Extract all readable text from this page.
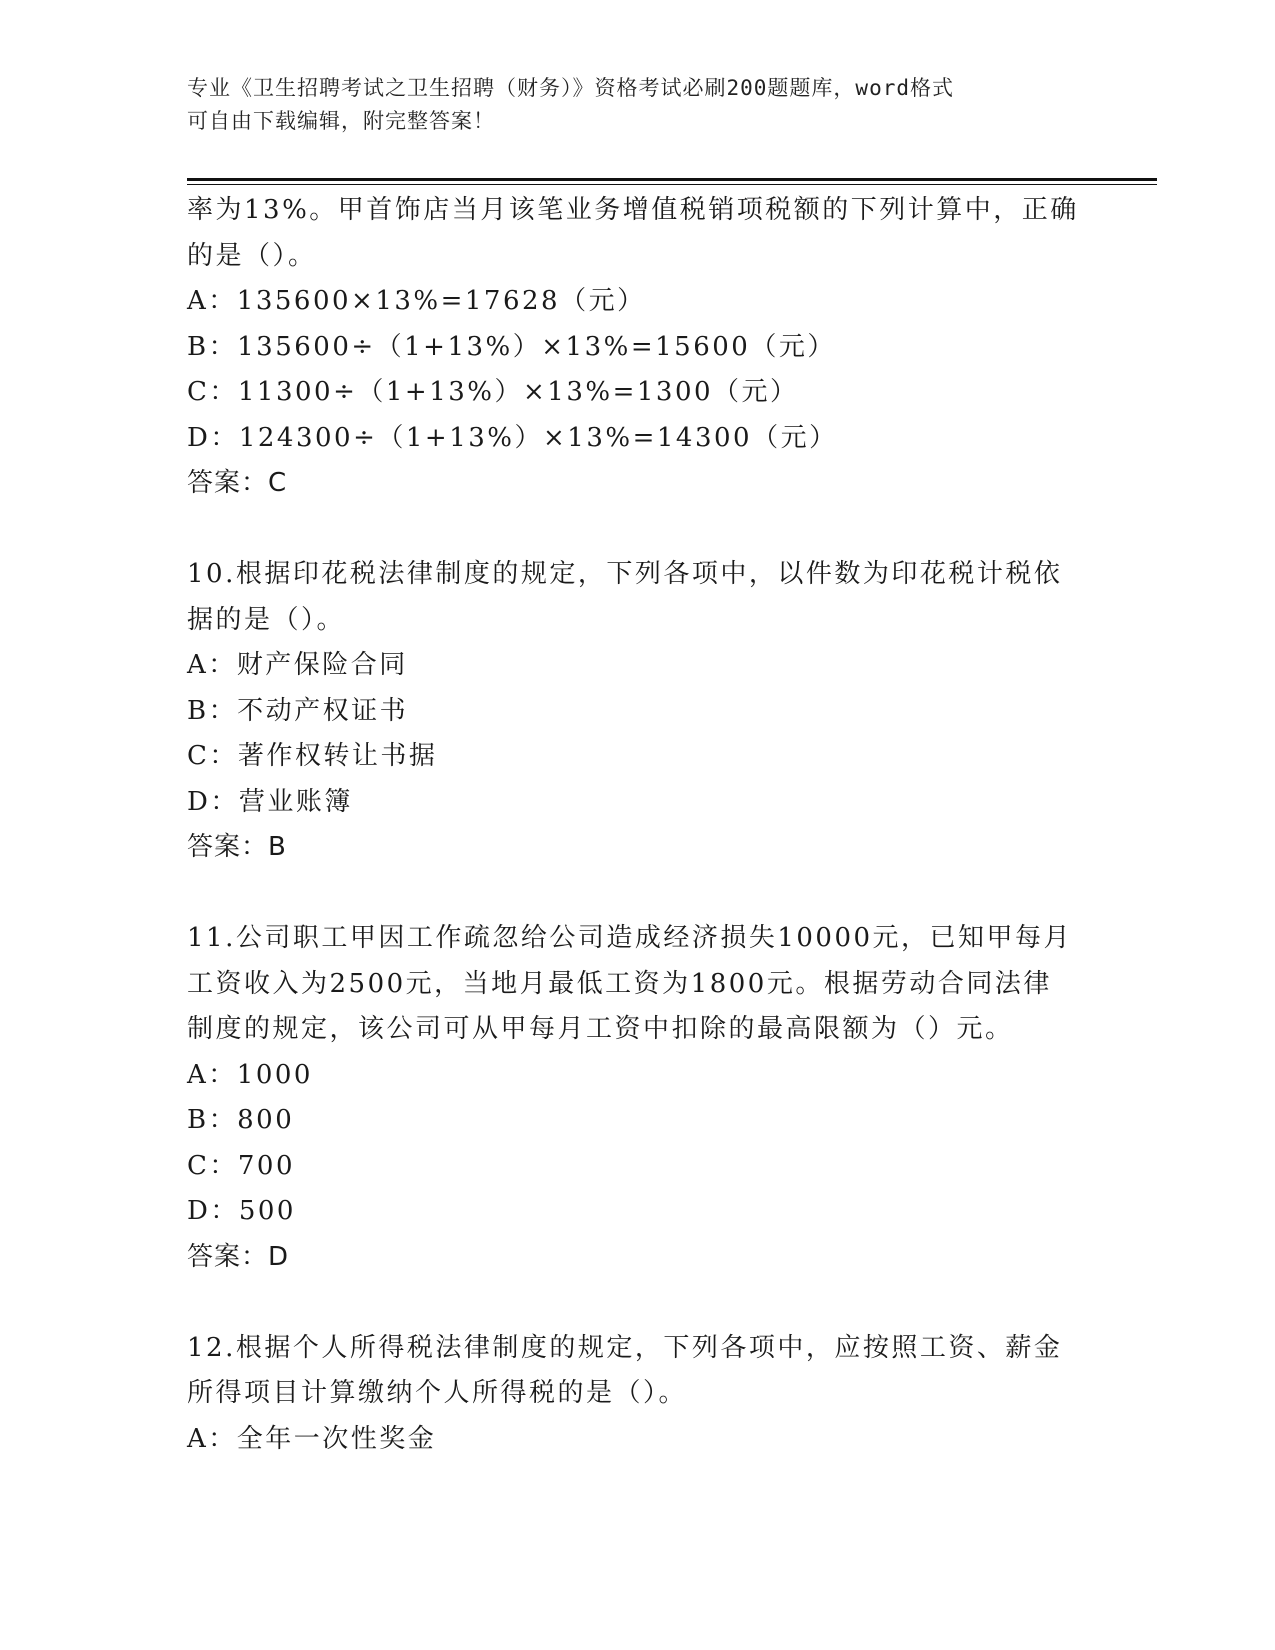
专业《卫生招聘考试之卫生招聘（财务）》资格考试必刷200题题库，word格式
可自由下载编辑，附完整答案！
率为13%。甲首饰店当月该笔业务增值税销项税额的下列计算中，正确
的是（）。
A：135600×13%=17628（元）
B：135600÷（1+13%）×13%=15600（元）
C：11300÷（1+13%）×13%=1300（元）
D：124300÷（1+13%）×13%=14300（元）
答案：C
10.根据印花税法律制度的规定，下列各项中，以件数为印花税计税依
据的是（）。
A：财产保险合同
B：不动产权证书
C：著作权转让书据
D：营业账簿
答案：B
11.公司职工甲因工作疏忽给公司造成经济损失10000元，已知甲每月
工资收入为2500元，当地月最低工资为1800元。根据劳动合同法律
制度的规定，该公司可从甲每月工资中扣除的最高限额为（）元。
A：1000
B：800
C：700
D：500
答案：D
12.根据个人所得税法律制度的规定，下列各项中，应按照工资、薪金
所得项目计算缴纳个人所得税的是（）。
A：全年一次性奖金
